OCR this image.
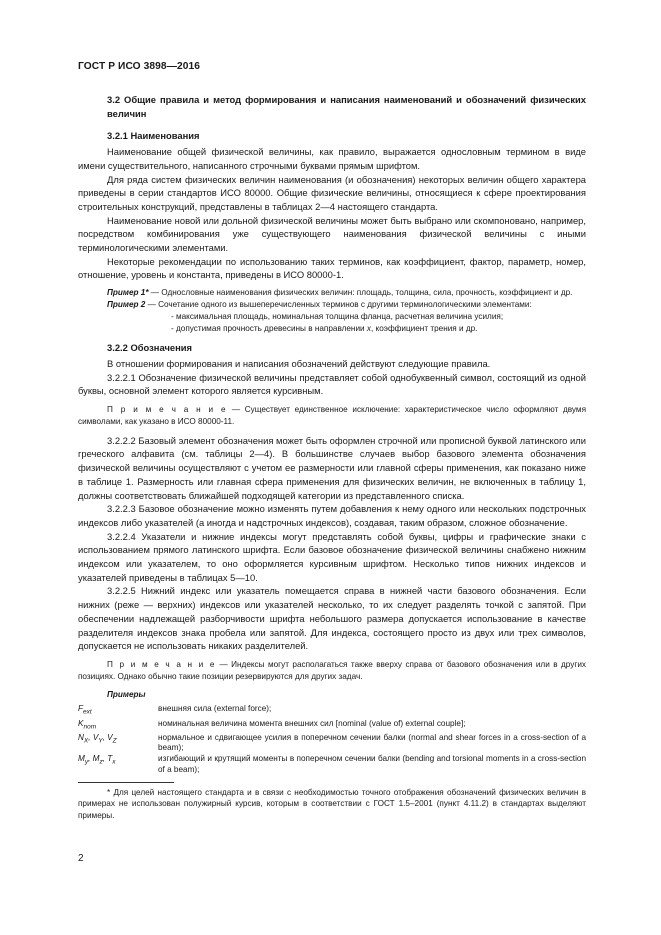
ГОСТ Р ИСО 3898—2016

3.2 Общие правила и метод формирования и написания наименований и обозначений физических величин

3.2.1 Наименования

Наименование общей физической величины, как правило, выражается однословным термином в виде имени существительного, написанного строчными буквами прямым шрифтом.

Для ряда систем физических величин наименования (и обозначения) некоторых величин общего характера приведены в серии стандартов ИСО 80000. Общие физические величины, относящиеся к сфере проектирования строительных конструкций, представлены в таблицах 2—4 настоящего стандарта.

Наименование новой или дольной физической величины может быть выбрано или скомпоновано, например, посредством комбинирования уже существующего наименования физической величины с иными терминологическими элементами.

Некоторые рекомендации по использованию таких терминов, как коэффициент, фактор, параметр, номер, отношение, уровень и константа, приведены в ИСО 80000-1.

Пример 1* — Однословные наименования физических величин: площадь, толщина, сила, прочность, коэффициент и др.

Пример 2 — Сочетание одного из вышеперечисленных терминов с другими терминологическими элементами:

- максимальная площадь, номинальная толщина фланца, расчетная величина усилия;

- допустимая прочность древесины в направлении х, коэффициент трения и др.

3.2.2 Обозначения

В отношении формирования и написания обозначений действуют следующие правила.

3.2.2.1 Обозначение физической величины представляет собой однобуквенный символ, состоящий из одной буквы, основной элемент которого является курсивным.

П р и м е ч а н и е — Существует единственное исключение: характеристическое число оформляют двумя символами, как указано в ИСО 80000-11.

3.2.2.2 Базовый элемент обозначения может быть оформлен строчной или прописной буквой латинского или греческого алфавита (см. таблицы 2—4). В большинстве случаев выбор базового элемента обозначения физической величины осуществляют с учетом ее размерности или главной сферы применения, как показано ниже в таблице 1. Размерность или главная сфера применения для физических величин, не включенных в таблицу 1, должны соответствовать ближайшей подходящей категории из представленного списка.

3.2.2.3 Базовое обозначение можно изменять путем добавления к нему одного или нескольких подстрочных индексов либо указателей (а иногда и надстрочных индексов), создавая, таким образом, сложное обозначение.

3.2.2.4 Указатели и нижние индексы могут представлять собой буквы, цифры и графические знаки с использованием прямого латинского шрифта. Если базовое обозначение физической величины снабжено нижним индексом или указателем, то оно оформляется курсивным шрифтом. Несколько типов нижних индексов и указателей приведены в таблицах 5—10.

3.2.2.5 Нижний индекс или указатель помещается справа в нижней части базового обозначения. Если нижних (реже — верхних) индексов или указателей несколько, то их следует разделять точкой с запятой. При обеспечении надлежащей разборчивости шрифта небольшого размера допускается использование в качестве разделителя индексов знака пробела или запятой. Для индекса, состоящего просто из двух или трех символов, допускается не использовать никаких разделителей.

П р и м е ч а н и е — Индексы могут располагаться также вверху справа от базового обозначения или в других позициях. Однако обычно такие позиции резервируются для других задач.

Примеры

$F_{ext}$	внешняя сила (external force);
$K_{nom}$	номинальная величина момента внешних сил [nominal (value of) external couple];
$N_X$, $V_Y$, $V_Z$	нормальное и сдвигающее усилия в поперечном сечении балки (normal and shear forces in a cross-section of a beam);
$M_y$, $M_z$, $T_x$	изгибающий и крутящий моменты в поперечном сечении балки (bending and torsional moments in a cross-section of a beam);

* Для целей настоящего стандарта и в связи с необходимостью точного отображения обозначений физических величин в примерах не использован полужирный курсив, которым в соответствии с ГОСТ 1.5–2001 (пункт 4.11.2) в стандартах выделяют примеры.

2
